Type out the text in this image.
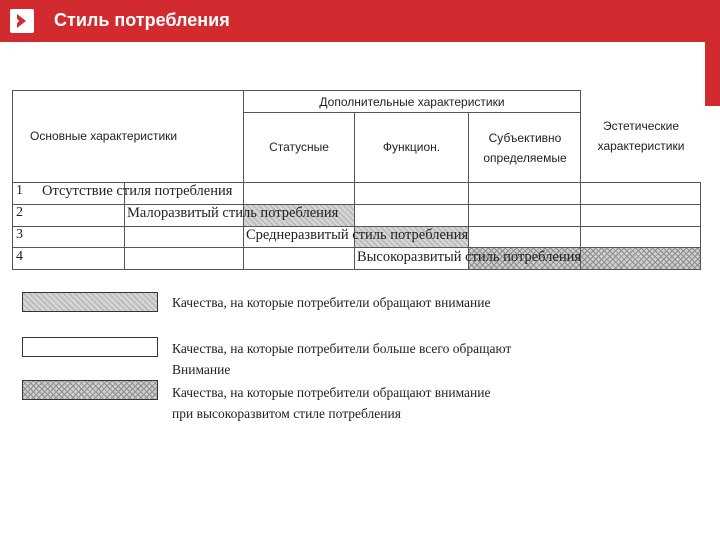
Стиль потребления
Дополнительные характеристики
Основные характеристики
Статусные	Функцион.
Субъективно
определяемые
Эстетические
характеристики
1
2
3
4
Отсутствие стиля потребления
Малоразвитый стиль потребления
Среднеразвитый стиль потребления
Высокоразвитый стиль потребления
Качества, на которые потребители обращают внимание
Качества, на которые потребители больше всего обращают
Внимание
Качества, на которые потребители обращают внимание
при высокоразвитом стиле потребления
